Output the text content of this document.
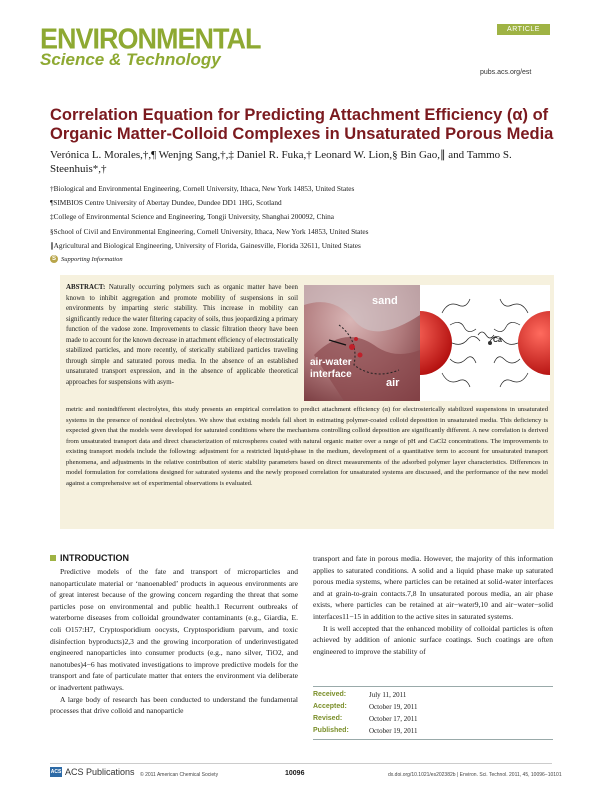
ENVIRONMENTAL
Science & Technology
ARTICLE
pubs.acs.org/est
Correlation Equation for Predicting Attachment Efficiency (α) of Organic Matter-Colloid Complexes in Unsaturated Porous Media
Verónica L. Morales,†,¶ Wenjng Sang,†,‡ Daniel R. Fuka,† Leonard W. Lion,§ Bin Gao,∥ and Tammo S. Steenhuis*,†
†Biological and Environmental Engineering, Cornell University, Ithaca, New York 14853, United States
¶SIMBIOS Centre University of Abertay Dundee, Dundee DD1 1HG, Scotland
‡College of Environmental Science and Engineering, Tongji University, Shanghai 200092, China
§School of Civil and Environmental Engineering, Cornell University, Ithaca, New York 14853, United States
∥Agricultural and Biological Engineering, University of Florida, Gainesville, Florida 32611, United States
S Supporting Information
ABSTRACT: Naturally occurring polymers such as organic matter have been known to inhibit aggregation and promote mobility of suspensions in soil environments by imparting steric stability. This increase in mobility can significantly reduce the water filtering capacity of soils, thus jeopardizing a primary function of the vadose zone. Improvements to classic filtration theory have been made to account for the known decrease in attachment efficiency of electrostatically stabilized particles, and more recently, of sterically stabilized particles traveling through simple and saturated porous media. In the absence of an established unsaturated transport expression, and in the absence of applicable theoretical approaches for suspensions with asym-
sand
air-water interface
air
Ca
metric and nonindifferent electrolytes, this study presents an empirical correlation to predict attachment efficiency (α) for electrosterically stabilized suspensions in unsaturated systems in the presence of nonideal electrolytes. We show that existing models fall short in estimating polymer-coated colloid deposition in unsaturated media. This deficiency is expected given that the models were developed for saturated conditions where the mechanisms controlling colloid deposition are significantly different. A new correlation is derived from unsaturated transport data and direct characterization of microspheres coated with natural organic matter over a range of pH and CaCl2 concentrations. The improvements to existing transport models include the following: adjustment for a restricted liquid-phase in the medium, development of a quantitative term to account for unsaturated transport phenomena, and adjustments in the relative contribution of steric stability parameters based on direct measurements of the adsorbed polymer layer characteristics. Differences in model formulation for correlations designed for saturated systems and the newly proposed correlation for unsaturated systems are discussed, and the performance of the new model against a comprehensive set of experimental observations is evaluated.
INTRODUCTION

Predictive models of the fate and transport of microparticles and nanoparticulate material or ‘nanoenabled’ products in aqueous environments are of great interest because of the growing concern regarding the threat that some particles pose on environmental and public health.1 Recurrent outbreaks of waterborne diseases from colloidal groundwater contaminants (e.g., Giardia, E. coli O157:H7, Cryptosporidium oocysts, Cryptosporidium parvum, and toxic disinfection byproducts)2,3 and the growing incorporation of underinvestigated engineered nanoparticles into consumer products (e.g., nano silver, TiO2, and nanotubes)4−6 has motivated investigations to improve predictive models for the transport and fate of particulate matter that enters the environment via deliberate or inadvertent pathways.

A large body of research has been conducted to understand the fundamental processes that drive colloid and nanoparticle

transport and fate in porous media. However, the majority of this information applies to saturated conditions. A solid and a liquid phase make up saturated porous media systems, where particles can be retained at solid-water interfaces and at grain-to-grain contacts.7,8 In unsaturated porous media, an air phase exists, where particles can be retained at air−water9,10 and air−water−solid interfaces11−15 in addition to the active sites in saturated systems.

It is well accepted that the enhanced mobility of colloidal particles is often achieved by addition of anionic surface coatings. Such coatings are often engineered to improve the stability of

Received:	July 11, 2011
Accepted:	October 19, 2011
Revised:	October 17, 2011
Published:	October 19, 2011
ACS ACS Publications © 2011 American Chemical Society	10096	dx.doi.org/10.1021/es202382b | Environ. Sci. Technol. 2011, 45, 10096−10101
